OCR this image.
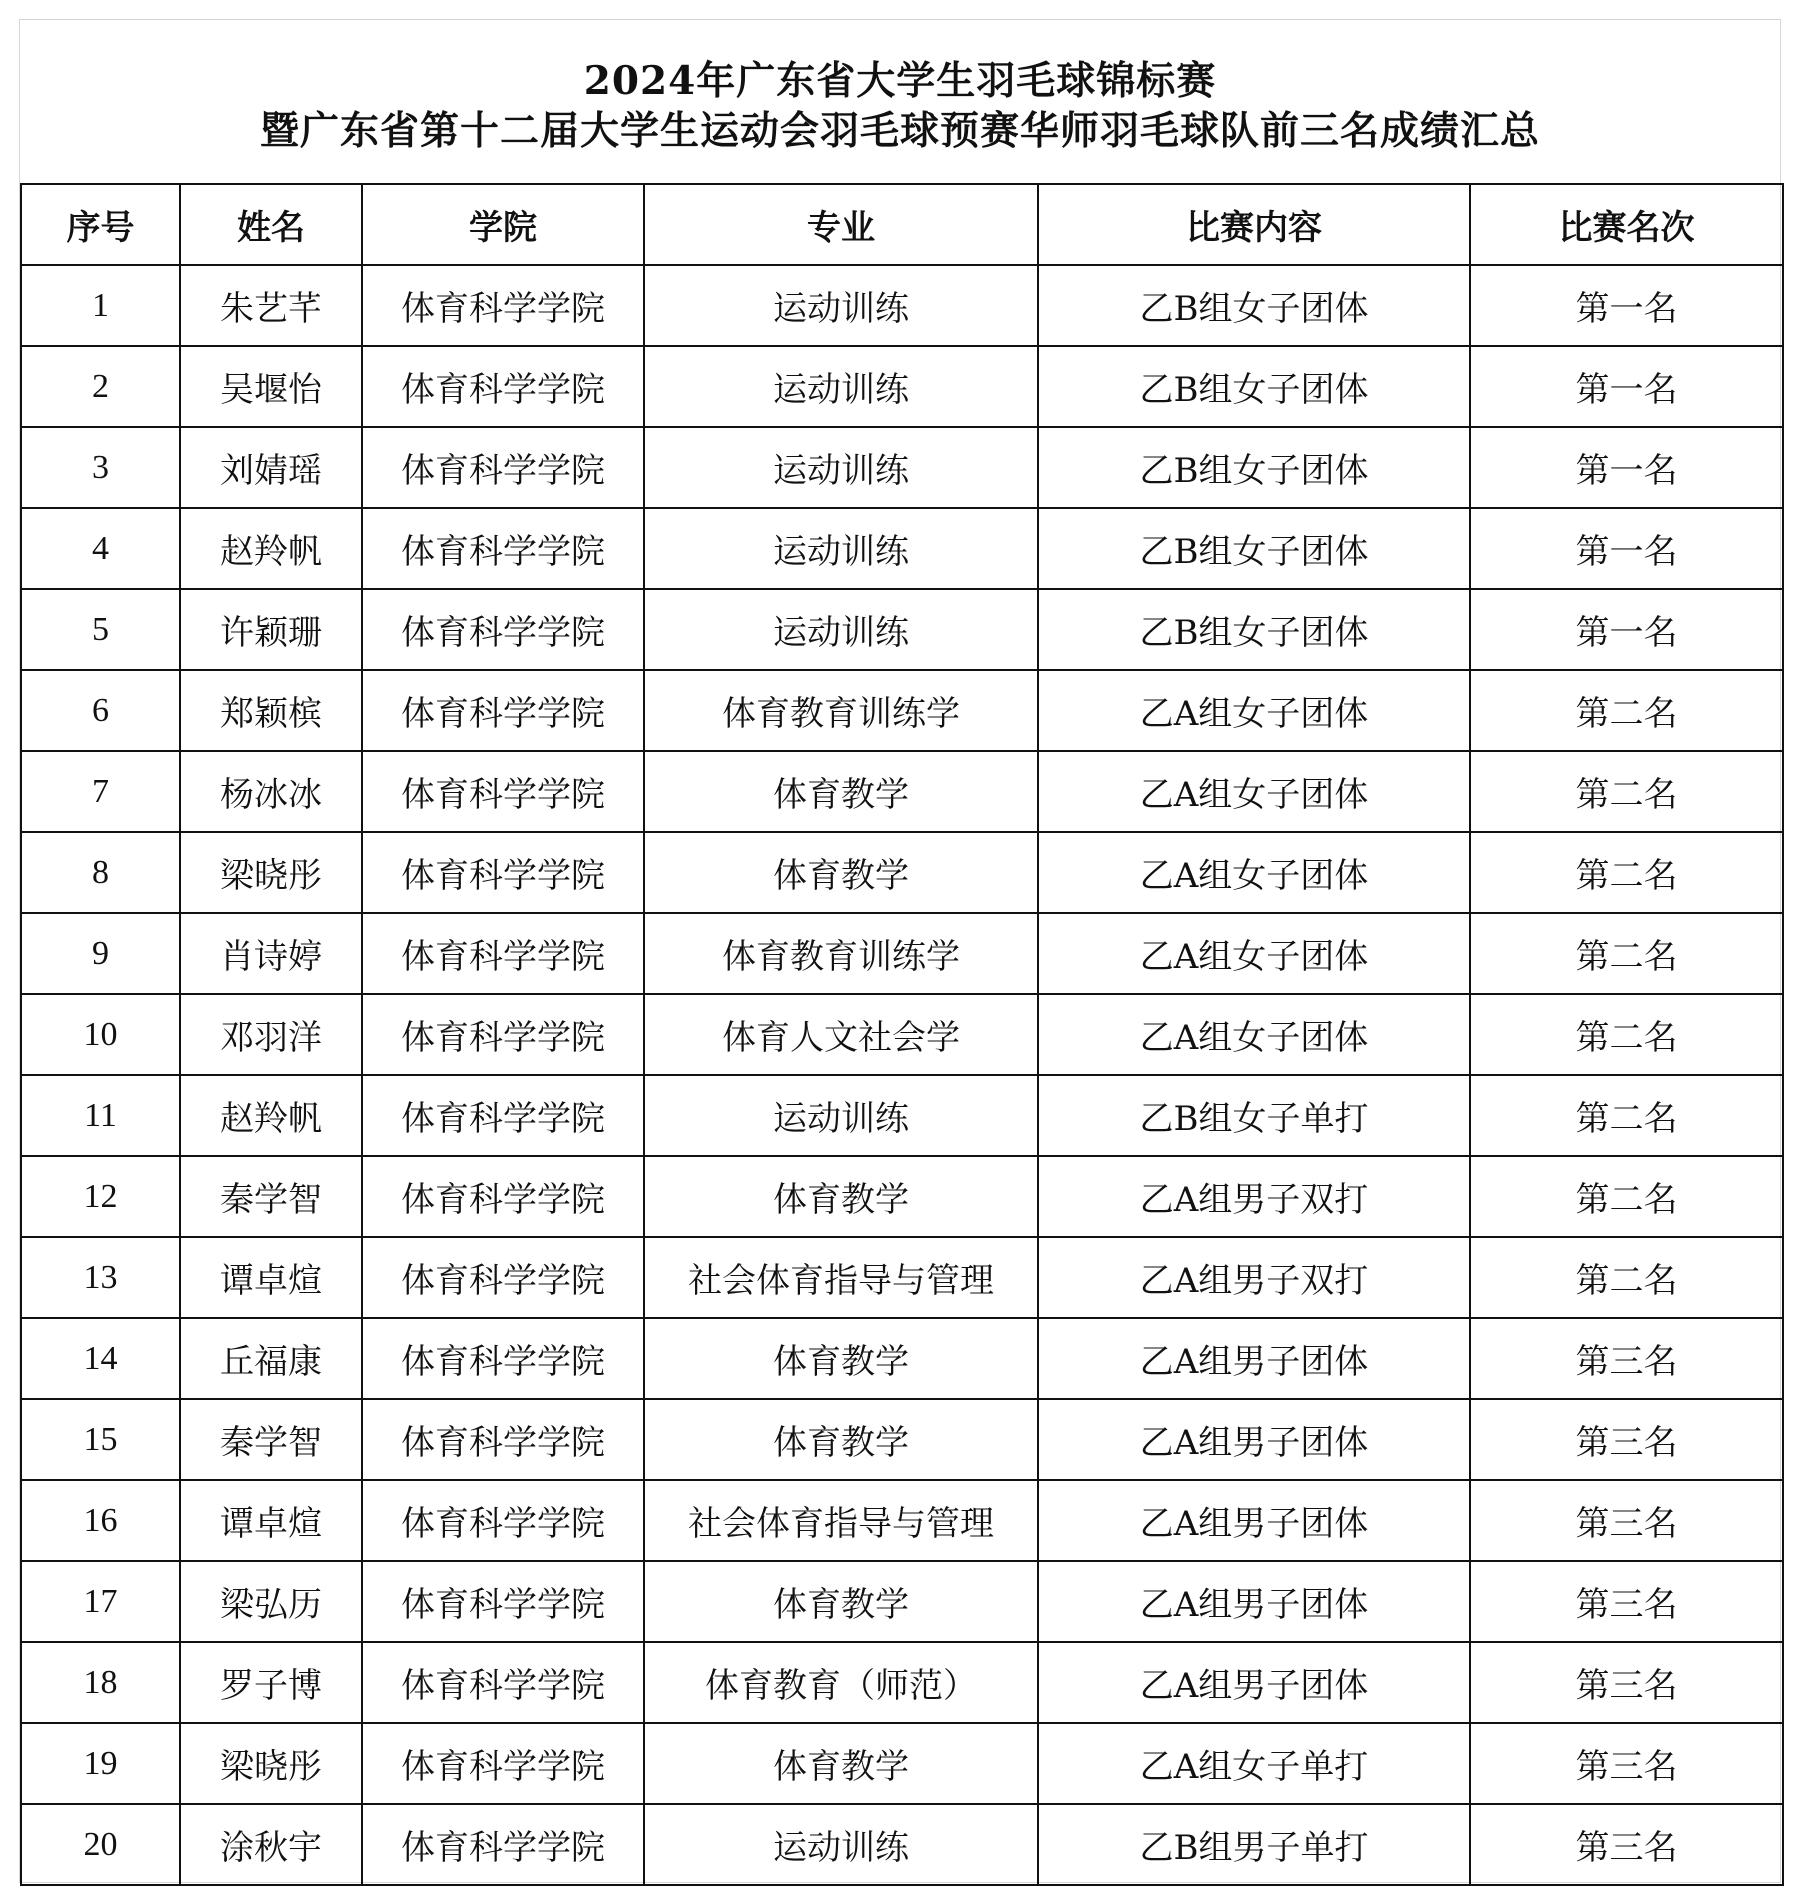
2024年广东省大学生羽毛球锦标赛
暨广东省第十二届大学生运动会羽毛球预赛华师羽毛球队前三名成绩汇总
序号	姓名	学院	专业	比赛内容	比赛名次
1	朱艺芊	体育科学学院	运动训练	乙B组女子团体	第一名
2	吴堰怡	体育科学学院	运动训练	乙B组女子团体	第一名
3	刘婧瑶	体育科学学院	运动训练	乙B组女子团体	第一名
4	赵羚帆	体育科学学院	运动训练	乙B组女子团体	第一名
5	许颖珊	体育科学学院	运动训练	乙B组女子团体	第一名
6	郑颖槟	体育科学学院	体育教育训练学	乙A组女子团体	第二名
7	杨冰冰	体育科学学院	体育教学	乙A组女子团体	第二名
8	梁晓彤	体育科学学院	体育教学	乙A组女子团体	第二名
9	肖诗婷	体育科学学院	体育教育训练学	乙A组女子团体	第二名
10	邓羽洋	体育科学学院	体育人文社会学	乙A组女子团体	第二名
11	赵羚帆	体育科学学院	运动训练	乙B组女子单打	第二名
12	秦学智	体育科学学院	体育教学	乙A组男子双打	第二名
13	谭卓煊	体育科学学院	社会体育指导与管理	乙A组男子双打	第二名
14	丘福康	体育科学学院	体育教学	乙A组男子团体	第三名
15	秦学智	体育科学学院	体育教学	乙A组男子团体	第三名
16	谭卓煊	体育科学学院	社会体育指导与管理	乙A组男子团体	第三名
17	梁弘历	体育科学学院	体育教学	乙A组男子团体	第三名
18	罗子博	体育科学学院	体育教育（师范）	乙A组男子团体	第三名
19	梁晓彤	体育科学学院	体育教学	乙A组女子单打	第三名
20	涂秋宇	体育科学学院	运动训练	乙B组男子单打	第三名
